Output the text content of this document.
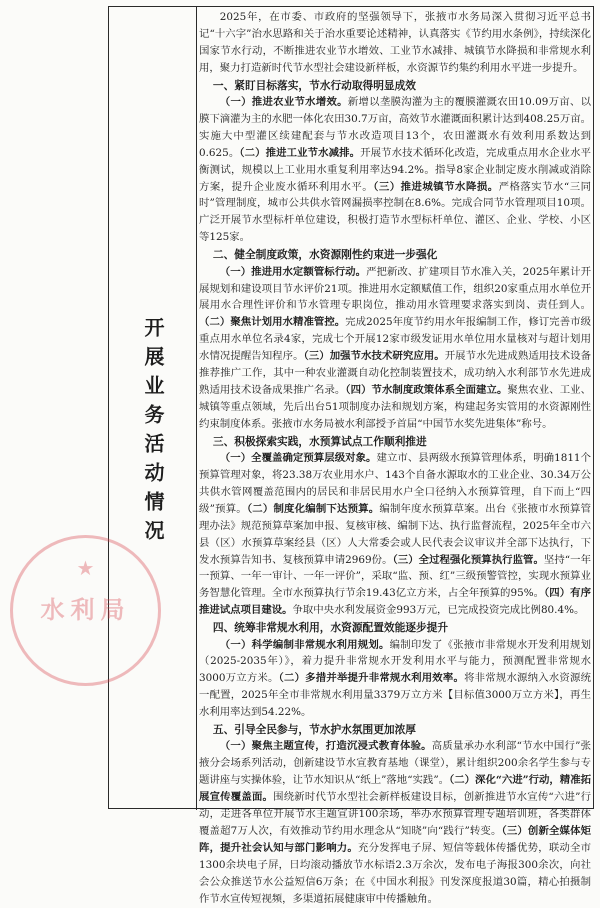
开展业务活动情况

2025年，在市委、市政府的坚强领导下，张掖市水务局深入贯彻习近平总书记“十六字”治水思路和关于治水重要论述精神，认真落实《节约用水条例》，持续深化国家节水行动，不断推进农业节水增效、工业节水减排、城镇节水降损和非常规水利用，聚力打造新时代节水型社会建设新样板，水资源节约集约利用水平进一步提升。

一、紧盯目标落实，节水行动取得明显成效

（一）推进农业节水增效。新增以垄膜沟灌为主的覆膜灌溉农田10.09万亩、以膜下滴灌为主的水肥一体化农田30.7万亩，高效节水灌溉面积累计达到408.25万亩。实施大中型灌区续建配套与节水改造项目13个，农田灌溉水有效利用系数达到0.625。（二）推进工业节水减排。开展节水技术循环化改造，完成重点用水企业水平衡测试，规模以上工业用水重复利用率达94.2%。指导8家企业制定废水削减或消除方案，提升企业废水循环利用水平。（三）推进城镇节水降损。严格落实节水“三同时”管理制度，城市公共供水管网漏损率控制在8.6%。完成合同节水管理项目10项。广泛开展节水型标杆单位建设，积极打造节水型标杆单位、灌区、企业、学校、小区等125家。

二、健全制度政策，水资源刚性约束进一步强化

（一）推进用水定额管标行动。严把新改、扩建项目节水准入关，2025年累计开展规划和建设项目节水评价21项。推进用水定额赋值工作，组织20家重点用水单位开展用水合理性评价和节水管理专职岗位，推动用水管理要求落实到岗、责任到人。（二）聚焦计划用水精准管控。完成2025年度节约用水年报编制工作，修订完善市级重点用水单位名录4家，完成七个开展12家市级发证用水单位用水量核对与超计划用水情况提醒告知程序。（三）加强节水技术研究应用。开展节水先进成熟适用技术设备推荐推广工作，其中一种农业灌溉自动化控制装置技术，成功纳入水利部节水先进成熟适用技术设备成果推广名录。（四）节水制度政策体系全面建立。聚焦农业、工业、城镇等重点领域，先后出台51项制度办法和规划方案，构建起务实管用的水资源刚性约束制度体系。张掖市水务局被水利部授予首届“中国节水奖先进集体”称号。

三、积极探索实践，水预算试点工作顺利推进

（一）全覆盖确定预算层级对象。建立市、县两级水预算管理体系，明确1811个预算管理对象，将23.38万农业用水户、143个自备水源取水的工业企业、30.34万公共供水管网覆盖范围内的居民和非居民用水户全口径纳入水预算管理，自下而上“四级”预算。（二）制度化编制下达预算。编制年度水预算草案。出台《张掖市水预算管理办法》规范预算草案加申报、复核审核、编制下达、执行监督流程，2025年全市六县（区）水预算草案经县（区）人大常委会或人民代表会议审议并全部下达执行，下发水预算告知书、复核预算申请2969份。（三）全过程强化预算执行监管。坚持“一年一预算、一年一审计、一年一评价”，采取“监、预、红”三级预警管控，实现水预算业务智慧化管理。全市水预算执行节余19.43亿立方米，占全年预算的95%。（四）有序推进试点项目建设。争取中央水利发展资金993万元，已完成投资完成比例80.4%。

四、统筹非常规水利用，水资源配置效能逐步提升

（一）科学编制非常规水利用规划。编制印发了《张掖市非常规水开发利用规划（2025-2035年）》，着力提升非常规水开发利用水平与能力，预测配置非常规水3000万立方米。（二）多措并举提升非常规水利用效率。将非常规水源纳入水资源统一配置，2025年全市非常规水利用量3379万立方米【目标值3000万立方米】，再生水利用率达到54.22%。

五、引导全民参与，节水护水氛围更加浓厚

（一）聚焦主题宣传，打造沉浸式教育体验。高质量承办水利部“节水中国行”张掖分会场系列活动，创新建设节水宣教育基地（课堂），累计组织200余名学生参与专题讲座与实操体验，让节水知识从“纸上”落地“实践”。（二）深化“六进”行动，精准拓展宣传覆盖面。围绕新时代节水型社会新样板建设目标，创新推进节水宣传“六进”行动，走进各单位开展节水主题宣讲100余场，举办水预算管理专题培训班，各类群体覆盖超7万人次，有效推动节约用水理念从“知晓”向“践行”转变。（三）创新全媒体矩阵，提升社会认知与部门影响力。充分发挥电子屏、短信等载体传播优势，联动全市1300余块电子屏，日均滚动播放节水标语2.3万余次，发布电子海报300余次，向社会公众推送节水公益短信6万条；在《中国水利报》刊发深度报道30篇，精心拍摄制作节水宣传短视频，多渠道拓展健康审中传播触角。

★
水利局
